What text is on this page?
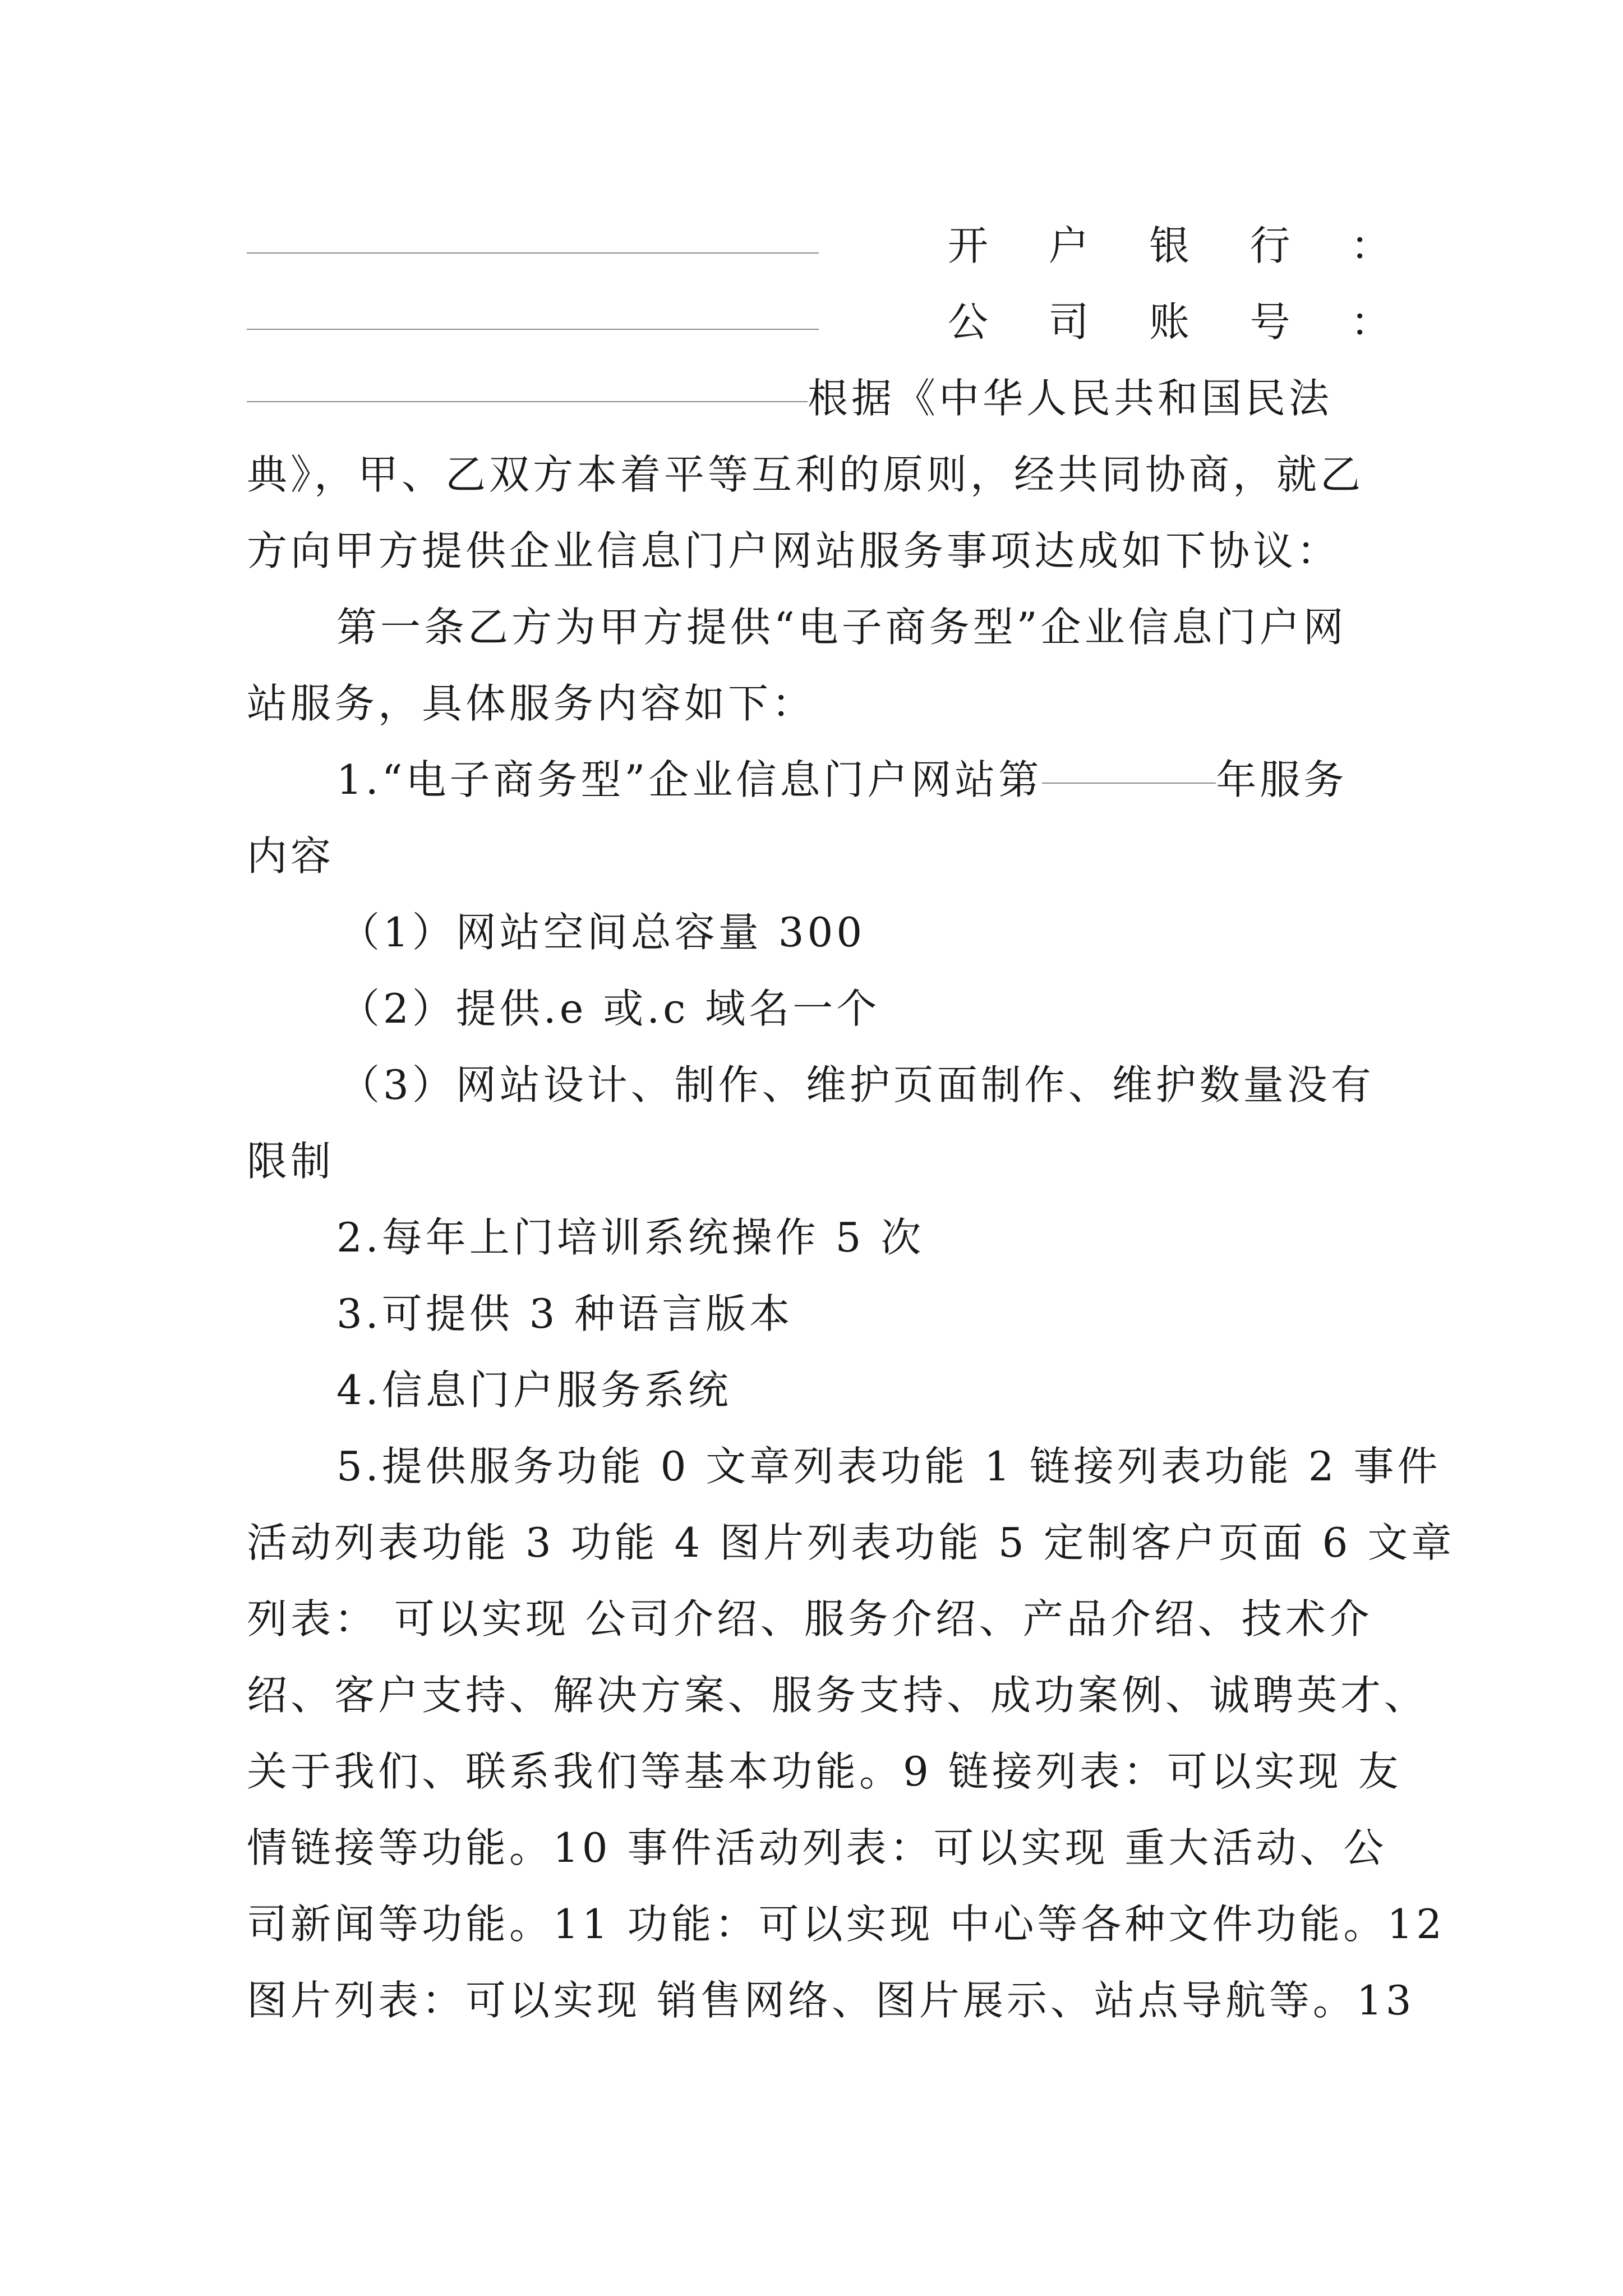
开 户 银 行 ：
公 司 账 号 ：
根据《中华人民共和国民法
典》，甲、乙双方本着平等互利的原则，经共同协商，就乙
方向甲方提供企业信息门户网站服务事项达成如下协议：
第一条乙方为甲方提供“电子商务型”企业信息门户网
站服务，具体服务内容如下：
1.“电子商务型”企业信息门户网站第	年服务
内容
（1）网站空间总容量 300
（2）提供.e 或.c 域名一个
（3）网站设计、制作、维护页面制作、维护数量没有
限制
2.每年上门培训系统操作 5 次
3.可提供 3 种语言版本
4.信息门户服务系统
5.提供服务功能 0 文章列表功能 1 链接列表功能 2 事件
活动列表功能 3 功能 4 图片列表功能 5 定制客户页面 6 文章
列表： 可以实现 公司介绍、服务介绍、产品介绍、技术介
绍、客户支持、解决方案、服务支持、成功案例、诚聘英才、
关于我们、联系我们等基本功能。9 链接列表：可以实现 友
情链接等功能。10 事件活动列表：可以实现 重大活动、公
司新闻等功能。11 功能：可以实现 中心等各种文件功能。12
图片列表：可以实现 销售网络、图片展示、站点导航等。13
